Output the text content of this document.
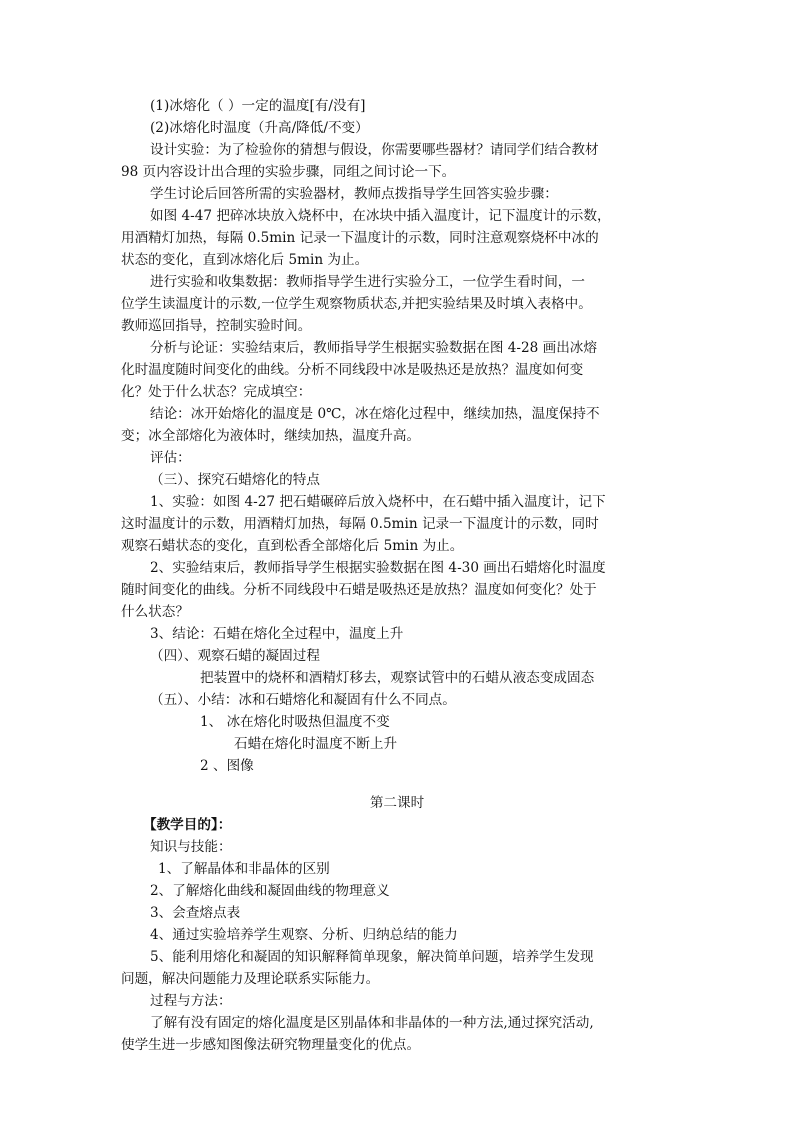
(1)冰熔化（ ）一定的温度[有/没有]
(2)冰熔化时温度（升高/降低/不变）
设计实验：为了检验你的猜想与假设，你需要哪些器材？请同学们结合教材
98 页内容设计出合理的实验步骤，同组之间讨论一下。
学生讨论后回答所需的实验器材，教师点拨指导学生回答实验步骤：
如图 4-47 把碎冰块放入烧杯中，在冰块中插入温度计，记下温度计的示数，
用酒精灯加热，每隔 0.5min 记录一下温度计的示数，同时注意观察烧杯中冰的
状态的变化，直到冰熔化后 5min 为止。
进行实验和收集数据：教师指导学生进行实验分工，一位学生看时间，一
位学生读温度计的示数,一位学生观察物质状态,并把实验结果及时填入表格中。
教师巡回指导，控制实验时间。
分析与论证：实验结束后，教师指导学生根据实验数据在图 4-28 画出冰熔
化时温度随时间变化的曲线。分析不同线段中冰是吸热还是放热？温度如何变
化？处于什么状态？完成填空：
结论：冰开始熔化的温度是 0℃，冰在熔化过程中，继续加热，温度保持不
变；冰全部熔化为液体时，继续加热，温度升高。
评估：
（三）、探究石蜡熔化的特点
1、实验：如图 4-27 把石蜡碾碎后放入烧杯中，在石蜡中插入温度计，记下
这时温度计的示数，用酒精灯加热，每隔 0.5min 记录一下温度计的示数，同时
观察石蜡状态的变化，直到松香全部熔化后 5min 为止。
2、实验结束后，教师指导学生根据实验数据在图 4-30 画出石蜡熔化时温度
随时间变化的曲线。分析不同线段中石蜡是吸热还是放热？温度如何变化？处于
什么状态？
3、结论：石蜡在熔化全过程中，温度上升
（四）、观察石蜡的凝固过程
把装置中的烧杯和酒精灯移去，观察试管中的石蜡从液态变成固态
（五）、小结：冰和石蜡熔化和凝固有什么不同点。
1、 冰在熔化时吸热但温度不变
石蜡在熔化时温度不断上升
2 、图像
第二课时
【教学目的】：
知识与技能：
1、了解晶体和非晶体的区别
2、了解熔化曲线和凝固曲线的物理意义
3、会查熔点表
4、通过实验培养学生观察、分析、归纳总结的能力
5、能利用熔化和凝固的知识解释简单现象，解决简单问题，培养学生发现
问题，解决问题能力及理论联系实际能力。
过程与方法：
了解有没有固定的熔化温度是区别晶体和非晶体的一种方法,通过探究活动,
使学生进一步感知图像法研究物理量变化的优点。
